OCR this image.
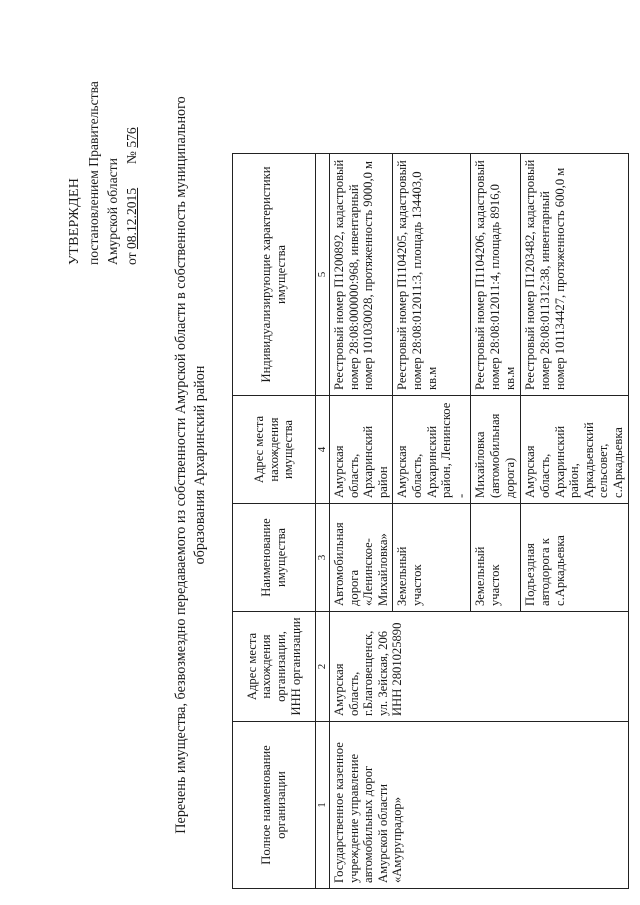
УТВЕРЖДЕН постановлением Правительства Амурской области от 08.12.2015       № 576 Перечень имущества, безвозмездно передаваемого из собственности Амурской области в собственность муниципального образования Архаринский район
Полное наименование организации	Адрес места нахождения организации, ИНН организации	Наименование имущества	Адрес места нахождения имущества	Индивидуализирующие характеристики имущества
1	2	3	4	5
Государственное казенное учреждение управление автомобильных дорог Амурской области «Амурупрадор»	Амурская область, г.Благовещенск, ул. Зейская, 206 ИНН 2801025890	Автомобильная дорога «Ленинское-Михайловка»	Амурская область, Архаринский район	Реестровый номер П1200892, кадастровый номер 28:08:000000:968, инвентарный номер 101030028, протяженность 9000,0 м
		Земельный участок	Амурская область, Архаринский район, Ленинское -	Реестровый номер П1104205, кадастровый номер 28:08:012011:3, площадь 134403,0 кв.м
		Земельный участок	Михайловка (автомобильная дорога)	Реестровый номер П1104206, кадастровый номер 28:08:012011:4, площадь 8916,0 кв.м
		Подъездная автодорога к с.Аркадьевка	Амурская область, Архаринский район, Аркадьевский сельсовет, с.Аркадьевка	Реестровый номер П1203482, кадастровый номер 28:08:011312:38, инвентарный номер 101134427, протяженность 600,0 м
